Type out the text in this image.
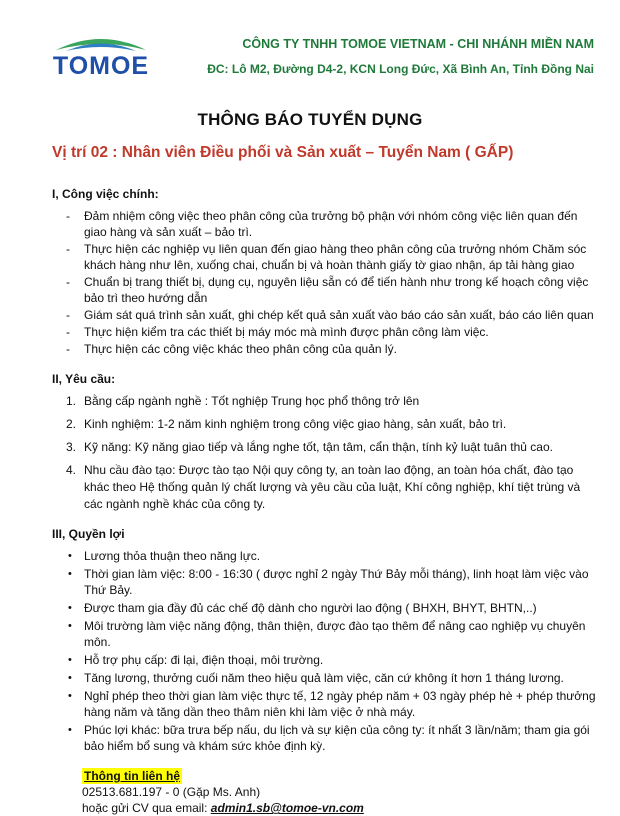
TOMOE
CÔNG TY TNHH TOMOE VIETNAM - CHI NHÁNH MIỀN NAM
ĐC: Lô M2, Đường D4-2, KCN Long Đức, Xã Bình An, Tỉnh Đồng Nai
THÔNG BÁO TUYỂN DỤNG
Vị trí 02 : Nhân viên Điều phối và Sản xuất – Tuyển Nam ( GẤP)
I, Công việc chính:
- Đảm nhiệm công việc theo phân công của trưởng bộ phận với nhóm công việc liên quan đến giao hàng và sản xuất – bảo trì.
- Thực hiện các nghiệp vụ liên quan đến giao hàng theo phân công của trưởng nhóm Chăm sóc khách hàng như lên, xuống chai, chuẩn bị và hoàn thành giấy tờ giao nhận, áp tải hàng giao
- Chuẩn bị trang thiết bị, dụng cụ, nguyên liệu sẵn có để tiến hành như trong kế hoạch công việc bảo trì theo hướng dẫn
- Giám sát quá trình sản xuất, ghi chép kết quả sản xuất vào báo cáo sản xuất, báo cáo liên quan
- Thực hiện kiểm tra các thiết bị máy móc mà mình được phân công làm việc.
- Thực hiện các công việc khác theo phân công của quản lý.
II, Yêu cầu:
1. Bằng cấp ngành nghề : Tốt nghiệp Trung học phổ thông trở lên
2. Kinh nghiệm: 1-2 năm kinh nghiệm trong công việc giao hàng, sản xuất, bảo trì.
3. Kỹ năng: Kỹ năng giao tiếp và lắng nghe tốt, tận tâm, cẩn thận, tính kỷ luật tuân thủ cao.
4. Nhu cầu đào tạo: Được tào tạo Nội quy công ty, an toàn lao động, an toàn hóa chất, đào tạo khác theo Hệ thống quản lý chất lượng và yêu cầu của luật, Khí công nghiệp, khí tiệt trùng và các ngành nghề khác của công ty.
III, Quyền lợi
• Lương thỏa thuận theo năng lực.
• Thời gian làm việc: 8:00 - 16:30 ( được nghỉ 2 ngày Thứ Bảy mỗi tháng), linh hoạt làm việc vào Thứ Bảy.
• Được tham gia đầy đủ các chế độ dành cho người lao động ( BHXH, BHYT, BHTN,..)
• Môi trường làm việc năng động, thân thiện, được đào tạo thêm để nâng cao nghiệp vụ chuyên môn.
• Hỗ trợ phụ cấp: đi lại, điện thoại, môi trường.
• Tăng lương, thưởng cuối năm theo hiệu quả làm việc, căn cứ không ít hơn 1 tháng lương.
• Nghỉ phép theo thời gian làm việc thực tế, 12 ngày phép năm + 03 ngày phép hè + phép thưởng hàng năm và tăng dần theo thâm niên khi làm việc ở nhà máy.
• Phúc lợi khác: bữa trưa bếp nấu, du lịch và sự kiện của công ty: ít nhất 3 lần/năm; tham gia gói bảo hiểm bổ sung và khám sức khỏe định kỳ.
Thông tin liên hệ
02513.681.197 - 0 (Gặp Ms. Anh)
hoặc gửi CV qua email: admin1.sb@tomoe-vn.com
